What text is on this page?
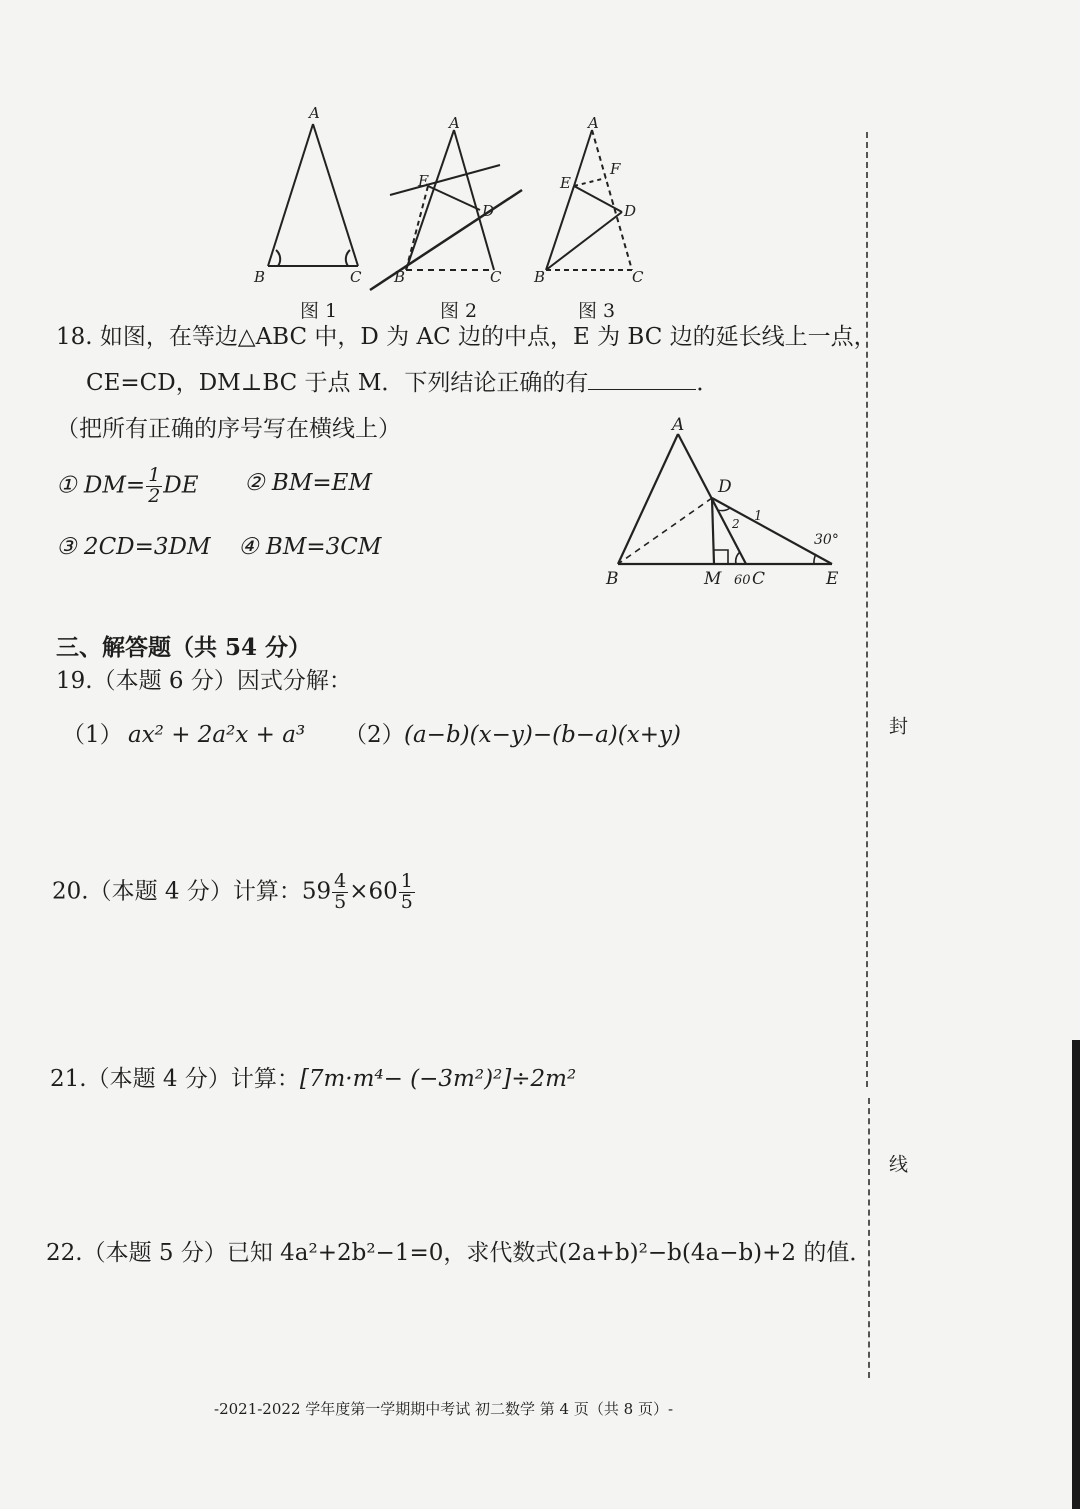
A
B	C
A
E
D
B	C
A
E
F
D
B	C
图 1	图 2	图 3
18. 如图，在等边△ABC 中，D 为 AC 边的中点，E 为 BC 边的延长线上一点，
CE=CD，DM⊥BC 于点 M．下列结论正确的有	．
（把所有正确的序号写在横线上）
① $DM= \frac{1}{2}$ DE ② BM=EM
③ 2CD=3DM ④ BM=3CM
A
D
B	M C	E
30°
60
1
2
三、解答题（共 54 分）
19.（本题 6 分）因式分解：
（1） ax² + 2a²x + a³ （2） (a−b)(x−y)−(b−a)(x+y)
20.（本题 4 分）计算：$59 \frac{4}{5} \times 60 \frac{1}{5}$
21.（本题 4 分）计算：[7m·m⁴− (−3m²)²]÷2m²
22.（本题 5 分）已知 4a²+2b²−1=0，求代数式(2a+b)²−b(4a−b)+2 的值．
封
线
-2021-2022 学年度第一学期期中考试 初二数学 第 4 页（共 8 页）-
